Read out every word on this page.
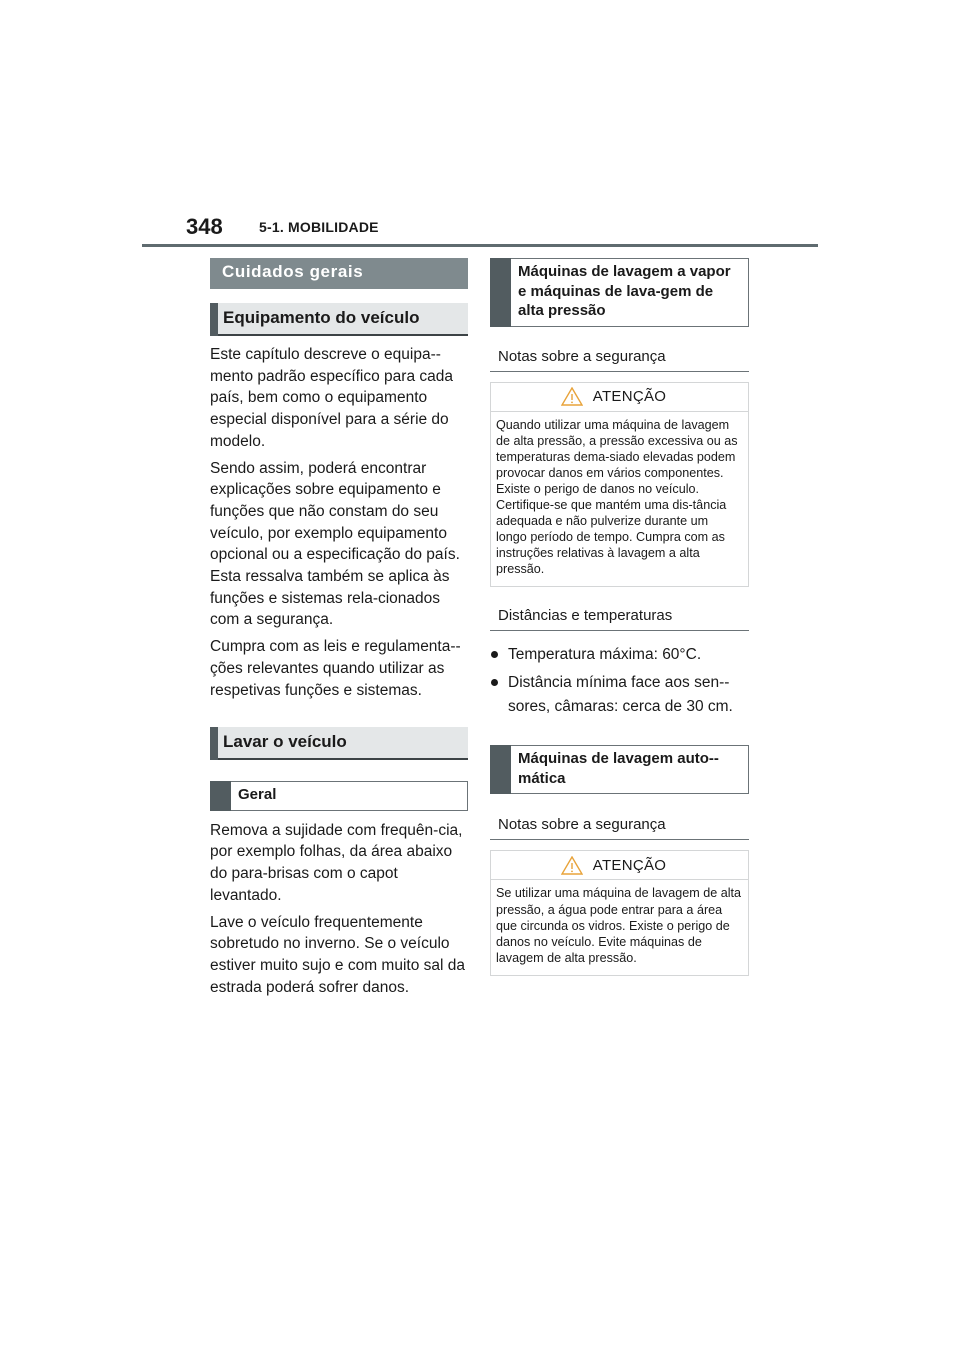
348	5-1. MOBILIDADE
Cuidados gerais
Equipamento do veículo

Este capítulo descreve o equipa-mento padrão específico para cada país, bem como o equipamento especial disponível para a série do modelo.

Sendo assim, poderá encontrar explicações sobre equipamento e funções que não constam do seu veículo, por exemplo equipamento opcional ou a especificação do país. Esta ressalva também se aplica às funções e sistemas rela-cionados com a segurança.

Cumpra com as leis e regulamenta-ções relevantes quando utilizar as respetivas funções e sistemas.

Lavar o veículo
Geral

Remova a sujidade com frequên-cia, por exemplo folhas, da área abaixo do para-brisas com o capot levantado.

Lave o veículo frequentemente sobretudo no inverno. Se o veículo estiver muito sujo e com muito sal da estrada poderá sofrer danos.

Máquinas de lavagem a vapor e máquinas de lava-gem de alta pressão
Notas sobre a segurança
ATENÇÃO

Quando utilizar uma máquina de lavagem de alta pressão, a pressão excessiva ou as temperaturas dema-siado elevadas podem provocar danos em vários componentes. Existe o perigo de danos no veículo. Certifique-se que mantém uma dis-tância adequada e não pulverize durante um longo período de tempo. Cumpra com as instruções relativas à lavagem a alta pressão.

Distâncias e temperaturas
Temperatura máxima: 60°C.
Distância mínima face aos sen-sores, câmaras: cerca de 30 cm.
Máquinas de lavagem auto-mática
Notas sobre a segurança
ATENÇÃO

Se utilizar uma máquina de lavagem de alta pressão, a água pode entrar para a área que circunda os vidros. Existe o perigo de danos no veículo. Evite máquinas de lavagem de alta pressão.
